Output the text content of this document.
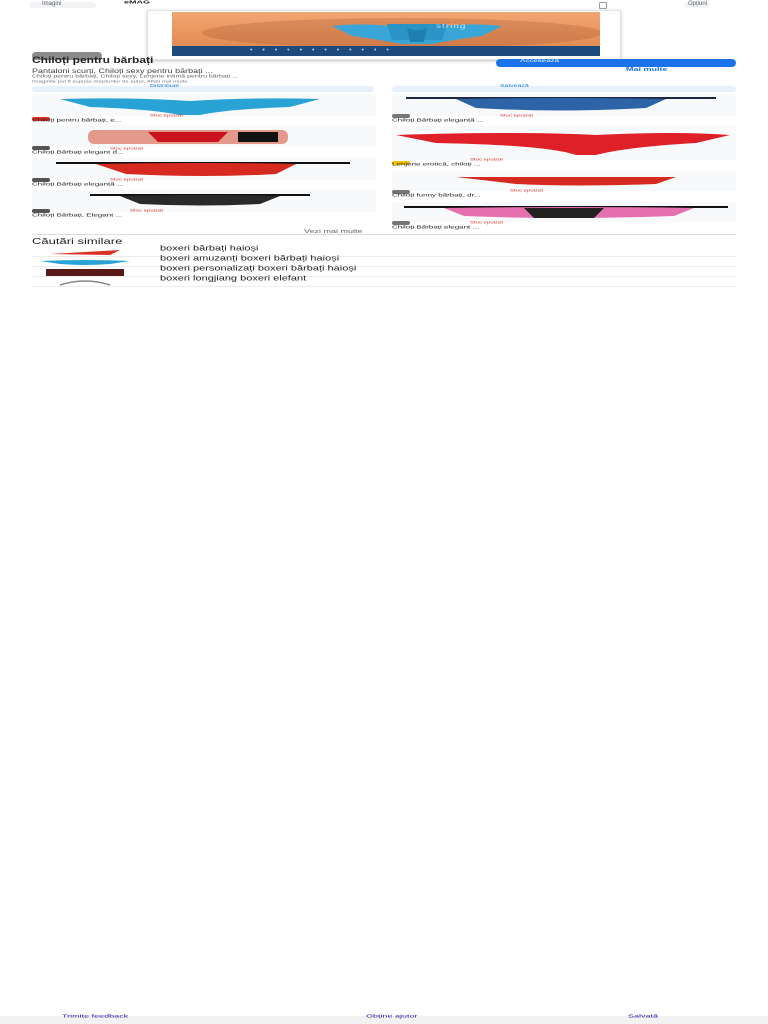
Imagini	eMAG	Opțiuni
string
• • • • • • • • • • • •
Chiloți pentru bărbați
Pantaloni scurți, Chiloți sexy pentru bărbați ...
Chiloți pentru bărbați, Chiloți sexy, Lenjerie intimă pentru bărbați ...
Accesează
Mai multe
Imaginile pot fi supuse drepturilor de autor. Aflați mai multe
Distribuie	Salvează
Stoc epuizat
Chiloți pentru bărbați, e...
Stoc epuizat
Chiloți Bărbați elegant d...
Stoc epuizat
Chiloți Bărbați elegantă ...
Stoc epuizat
Chiloți Bărbați, Elegant ...
Stoc epuizat
Chiloți Bărbați elegantă ...
Stoc epuizat
Lenjerie erotică, chiloți ...
Stoc epuizat
Chiloți funny bărbați, dr...
Stoc epuizat
Chiloți Bărbați elegant ...
Vezi mai multe
Căutări similare
boxeri bărbați haioși
boxeri amuzanți boxeri bărbați haioși
boxeri personalizați boxeri bărbați haioși
boxeri longjiang boxeri elefant
Trimite feedback	Obține ajutor	Salvată
